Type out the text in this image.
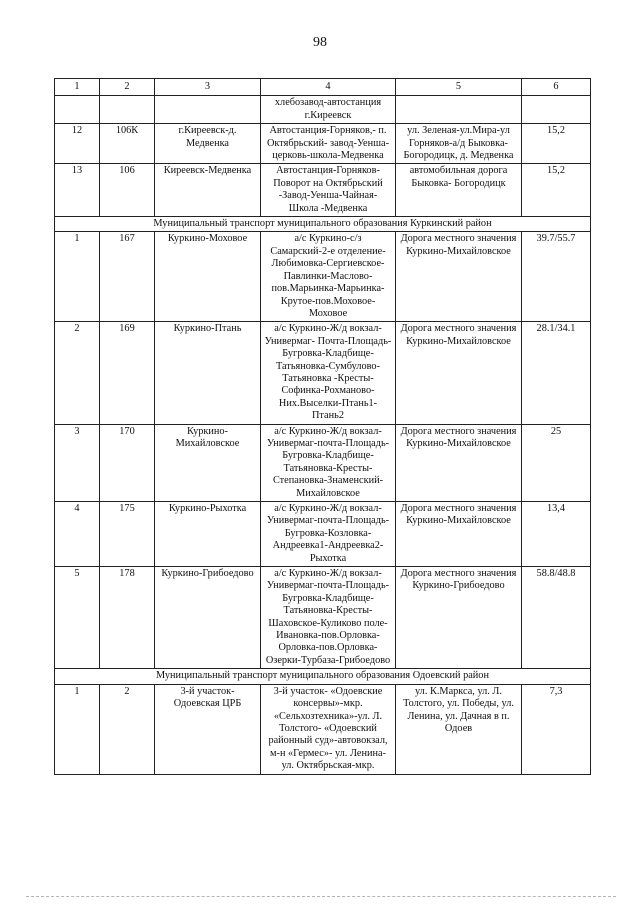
98
1	2	3	4	5	6
			хлебозавод-автостанция г.Киреевск		
12	106К	г.Киреевск-д. Медвенка	Автостанция-Горняков,- п. Октябрьский- завод-Уенша-церковь-школа-Медвенка	ул. Зеленая-ул.Мира-ул Горняков-а/д Быковка-Богородицк, д. Медвенка	15,2
13	106	Киреевск-Медвенка	Автостанция-Горняков-Поворот на Октябрьский -Завод-Уенша-Чайная-Школа -Медвенка	автомобильная дорога Быковка- Богородицк	15,2
Муниципальный транспорт муниципального образования Куркинский район					
1	167	Куркино-Моховое	а/с Куркино-с/з Самарский-2-е отделение-Любимовка-Сергиевское-Павлинки-Маслово-пов.Марьинка-Марьинка-Крутое-пов.Моховое-Моховое	Дорога местного значения Куркино-Михайловское	39.7/55.7
2	169	Куркино-Птань	а/с Куркино-Ж/д вокзал-Универмаг- Почта-Площадь-Бугровка-Кладбище-Татьяновка-Сумбулово-Татьяновка -Кресты-Софинка-Рохманово-Них.Выселки-Птань1-Птань2	Дорога местного значения Куркино-Михайловское	28.1/34.1
3	170	Куркино-Михайловское	а/с Куркино-Ж/д вокзал-Универмаг-почта-Площадь-Бугровка-Кладбище-Татьяновка-Кресты-Степановка-Знаменский-Михайловское	Дорога местного значения Куркино-Михайловское	25
4	175	Куркино-Рыхотка	а/с Куркино-Ж/д вокзал-Универмаг-почта-Площадь-Бугровка-Козловка-Андреевка1-Андреевка2-Рыхотка	Дорога местного значения Куркино-Михайловское	13,4
5	178	Куркино-Грибоедово	а/с Куркино-Ж/д вокзал-Универмаг-почта-Площадь-Бугровка-Кладбище-Татьяновка-Кресты-Шаховское-Куликово поле-Ивановка-пов.Орловка-Орловка-пов.Орловка-Озерки-Турбаза-Грибоедово	Дорога местного значения Куркино-Грибоедово	58.8/48.8
Муниципальный транспорт муниципального образования Одоевский район					
1	2	3-й участок-Одоевская ЦРБ	3-й участок- «Одоевские консервы»-мкр. «Сельхозтехника»-ул. Л. Толстого- «Одоевский районный суд»-автовокзал, м-н «Гермес»- ул. Ленина-ул. Октябрьская-мкр.	ул. К.Маркса, ул. Л. Толстого, ул. Победы, ул. Ленина, ул. Дачная в п. Одоев	7,3
